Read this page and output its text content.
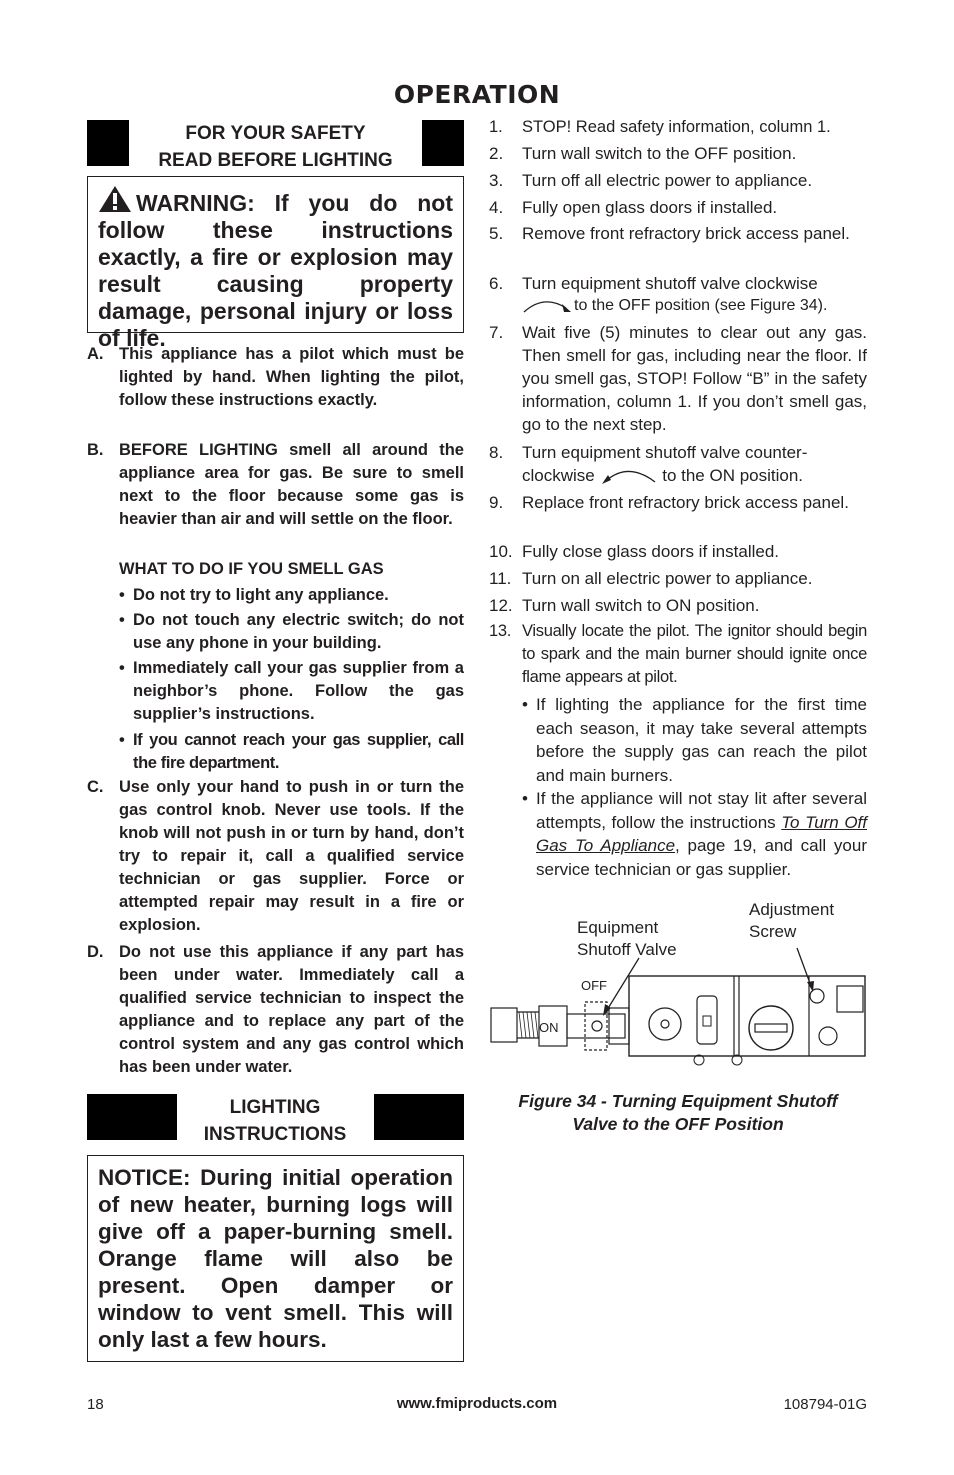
OPERATION
FOR YOUR SAFETY
READ BEFORE LIGHTING
WARNING: If you do not follow these instructions exactly, a fire or explosion may result causing property damage, personal injury or loss of life.
A. This appliance has a pilot which must be lighted by hand. When lighting the pilot, follow these instructions exactly.
B. BEFORE LIGHTING smell all around the appliance area for gas. Be sure to smell next to the floor because some gas is heavier than air and will settle on the floor.
WHAT TO DO IF YOU SMELL GAS
• Do not try to light any appliance.
• Do not touch any electric switch; do not use any phone in your building.
• Immediately call your gas supplier from a neighbor’s phone. Follow the gas supplier’s instructions.
• If you cannot reach your gas supplier, call the fire department.
C. Use only your hand to push in or turn the gas control knob. Never use tools. If the knob will not push in or turn by hand, don’t try to repair it, call a qualified service technician or gas supplier. Force or attempted repair may result in a fire or explosion.
D. Do not use this appliance if any part has been under water. Immediately call a qualified service technician to inspect the appliance and to replace any part of the control system and any gas control which has been under water.
LIGHTING
INSTRUCTIONS
NOTICE: During initial operation of new heater, burning logs will give off a paper-burning smell. Orange flame will also be present. Open damper or window to vent smell. This will only last a few hours.
1. STOP! Read safety information, column 1.
2. Turn wall switch to the OFF position.
3. Turn off all electric power to appliance.
4. Fully open glass doors if installed.
5. Remove front refractory brick access panel.
6. Turn equipment shutoff valve clockwise
to the OFF position (see Figure 34).
7. Wait five (5) minutes to clear out any gas. Then smell for gas, including near the floor. If you smell gas, STOP! Follow “B” in the safety information, column 1. If you don’t smell gas, go to the next step.
8. Turn equipment shutoff valve counter-
clockwise	to the ON position.
9. Replace front refractory brick access panel.
10. Fully close glass doors if installed.
11. Turn on all electric power to appliance.
12. Turn wall switch to ON position.
13. Visually locate the pilot. The ignitor should begin to spark and the main burner should ignite once flame appears at pilot.
• If lighting the appliance for the first time each season, it may take several attempts before the supply gas can reach the pilot and main burners.
• If the appliance will not stay lit after several attempts, follow the instructions To Turn Off Gas To Appliance, page 19, and call your service technician or gas supplier.
Equipment
Shutoff Valve
Adjustment
Screw
OFF
ON
Figure 34 - Turning Equipment Shutoff
Valve to the OFF Position
18	www.fmiproducts.com	108794-01G
